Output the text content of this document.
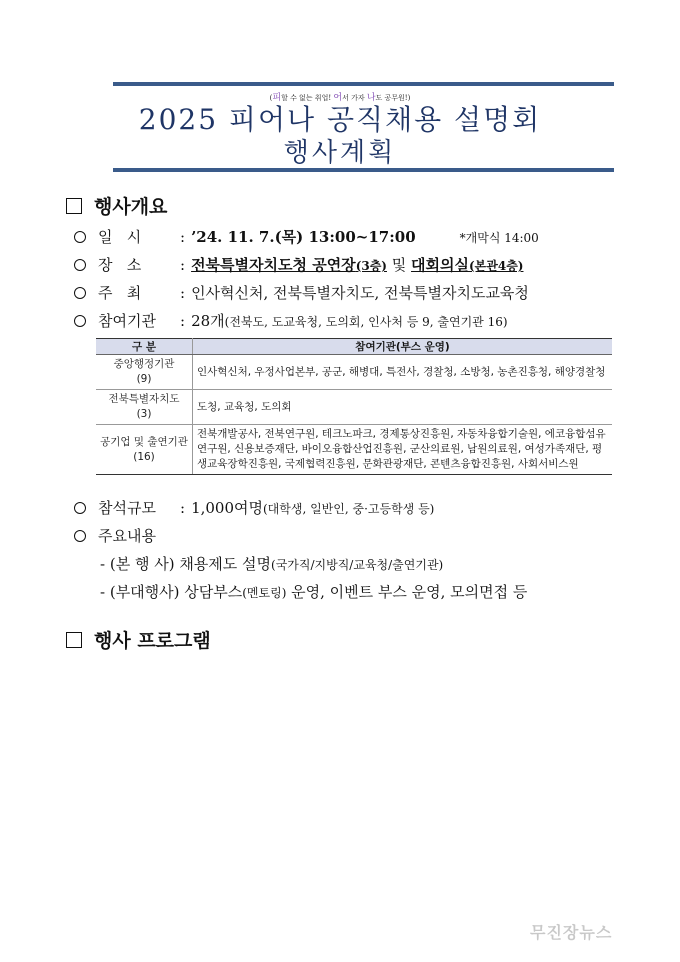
(피할 수 없는 취업! 어서 가자 나도 공무원!)
2025 피어나 공직채용 설명회
행사계획
행사개요
일   시	: ’24. 11. 7.(목) 13:00~17:00	*개막식 14:00
장   소	: 전북특별자치도청 공연장 (3층) 및 대회의실 (본관4층)
주   최	: 인사혁신처, 전북특별자치도, 전북특별자치도교육청
참여기관	: 28개 (전북도, 도교육청, 도의회, 인사처 등 9, 출연기관 16)
구 분	참여기관(부스 운영)
중앙행정기관
(9)	인사혁신처, 우정사업본부, 공군, 해병대, 특전사, 경찰청, 소방청, 농촌진흥청, 해양경찰청
전북특별자치도
(3)	도청, 교육청, 도의회
공기업 및 출연기관
(16)	전북개발공사, 전북연구원, 테크노파크, 경제통상진흥원, 자동차융합기술원, 에코융합섬유연구원, 신용보증재단, 바이오융합산업진흥원, 군산의료원, 남원의료원, 여성가족재단, 평생교육장학진흥원, 국제협력진흥원, 문화관광재단, 콘텐츠융합진흥원, 사회서비스원
참석규모	: 1,000여명 (대학생, 일반인, 중·고등학생 등)
주요내용
- (본 행 사) 채용제도 설명(국가직/지방직/교육청/출연기관)
- (부대행사) 상담부스(멘토링) 운영, 이벤트 부스 운영, 모의면접 등
행사 프로그램
무진장뉴스
